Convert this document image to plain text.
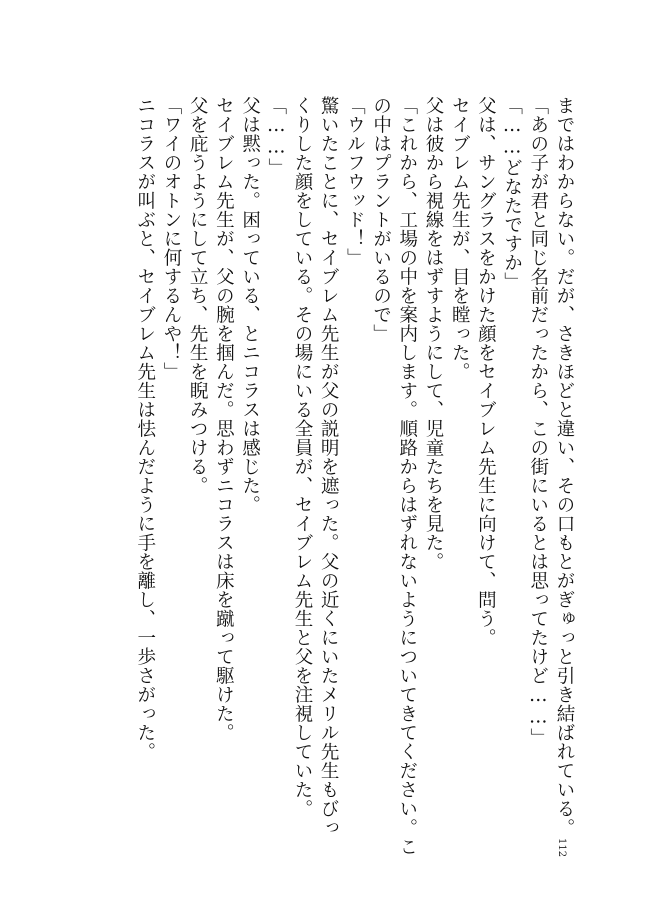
まではわからない。だが、さきほどと違い、その口もとがぎゅっと引き結ばれている。
「あの子が君と同じ名前だったから、この街にいるとは思ってたけど……」
「……どなたですか」
父は、サングラスをかけた顔をセイブレム先生に向けて、問う。
セイブレム先生が、目を瞠った。
父は彼から視線をはずすようにして、児童たちを見た。
「これから、工場の中を案内します。順路からはずれないようについてきてください。こ
の中はプラントがいるので」
「ウルフウッド！」
驚いたことに、セイブレム先生が父の説明を遮った。父の近くにいたメリル先生もびっ
くりした顔をしている。その場にいる全員が、セイブレム先生と父を注視していた。
「……」
父は黙った。困っている、とニコラスは感じた。
セイブレム先生が、父の腕を掴んだ。思わずニコラスは床を蹴って駆けた。
父を庇うようにして立ち、先生を睨みつける。
「ワイのオトンに何するんや！」
ニコラスが叫ぶと、セイブレム先生は怯んだように手を離し、一歩さがった。
112
